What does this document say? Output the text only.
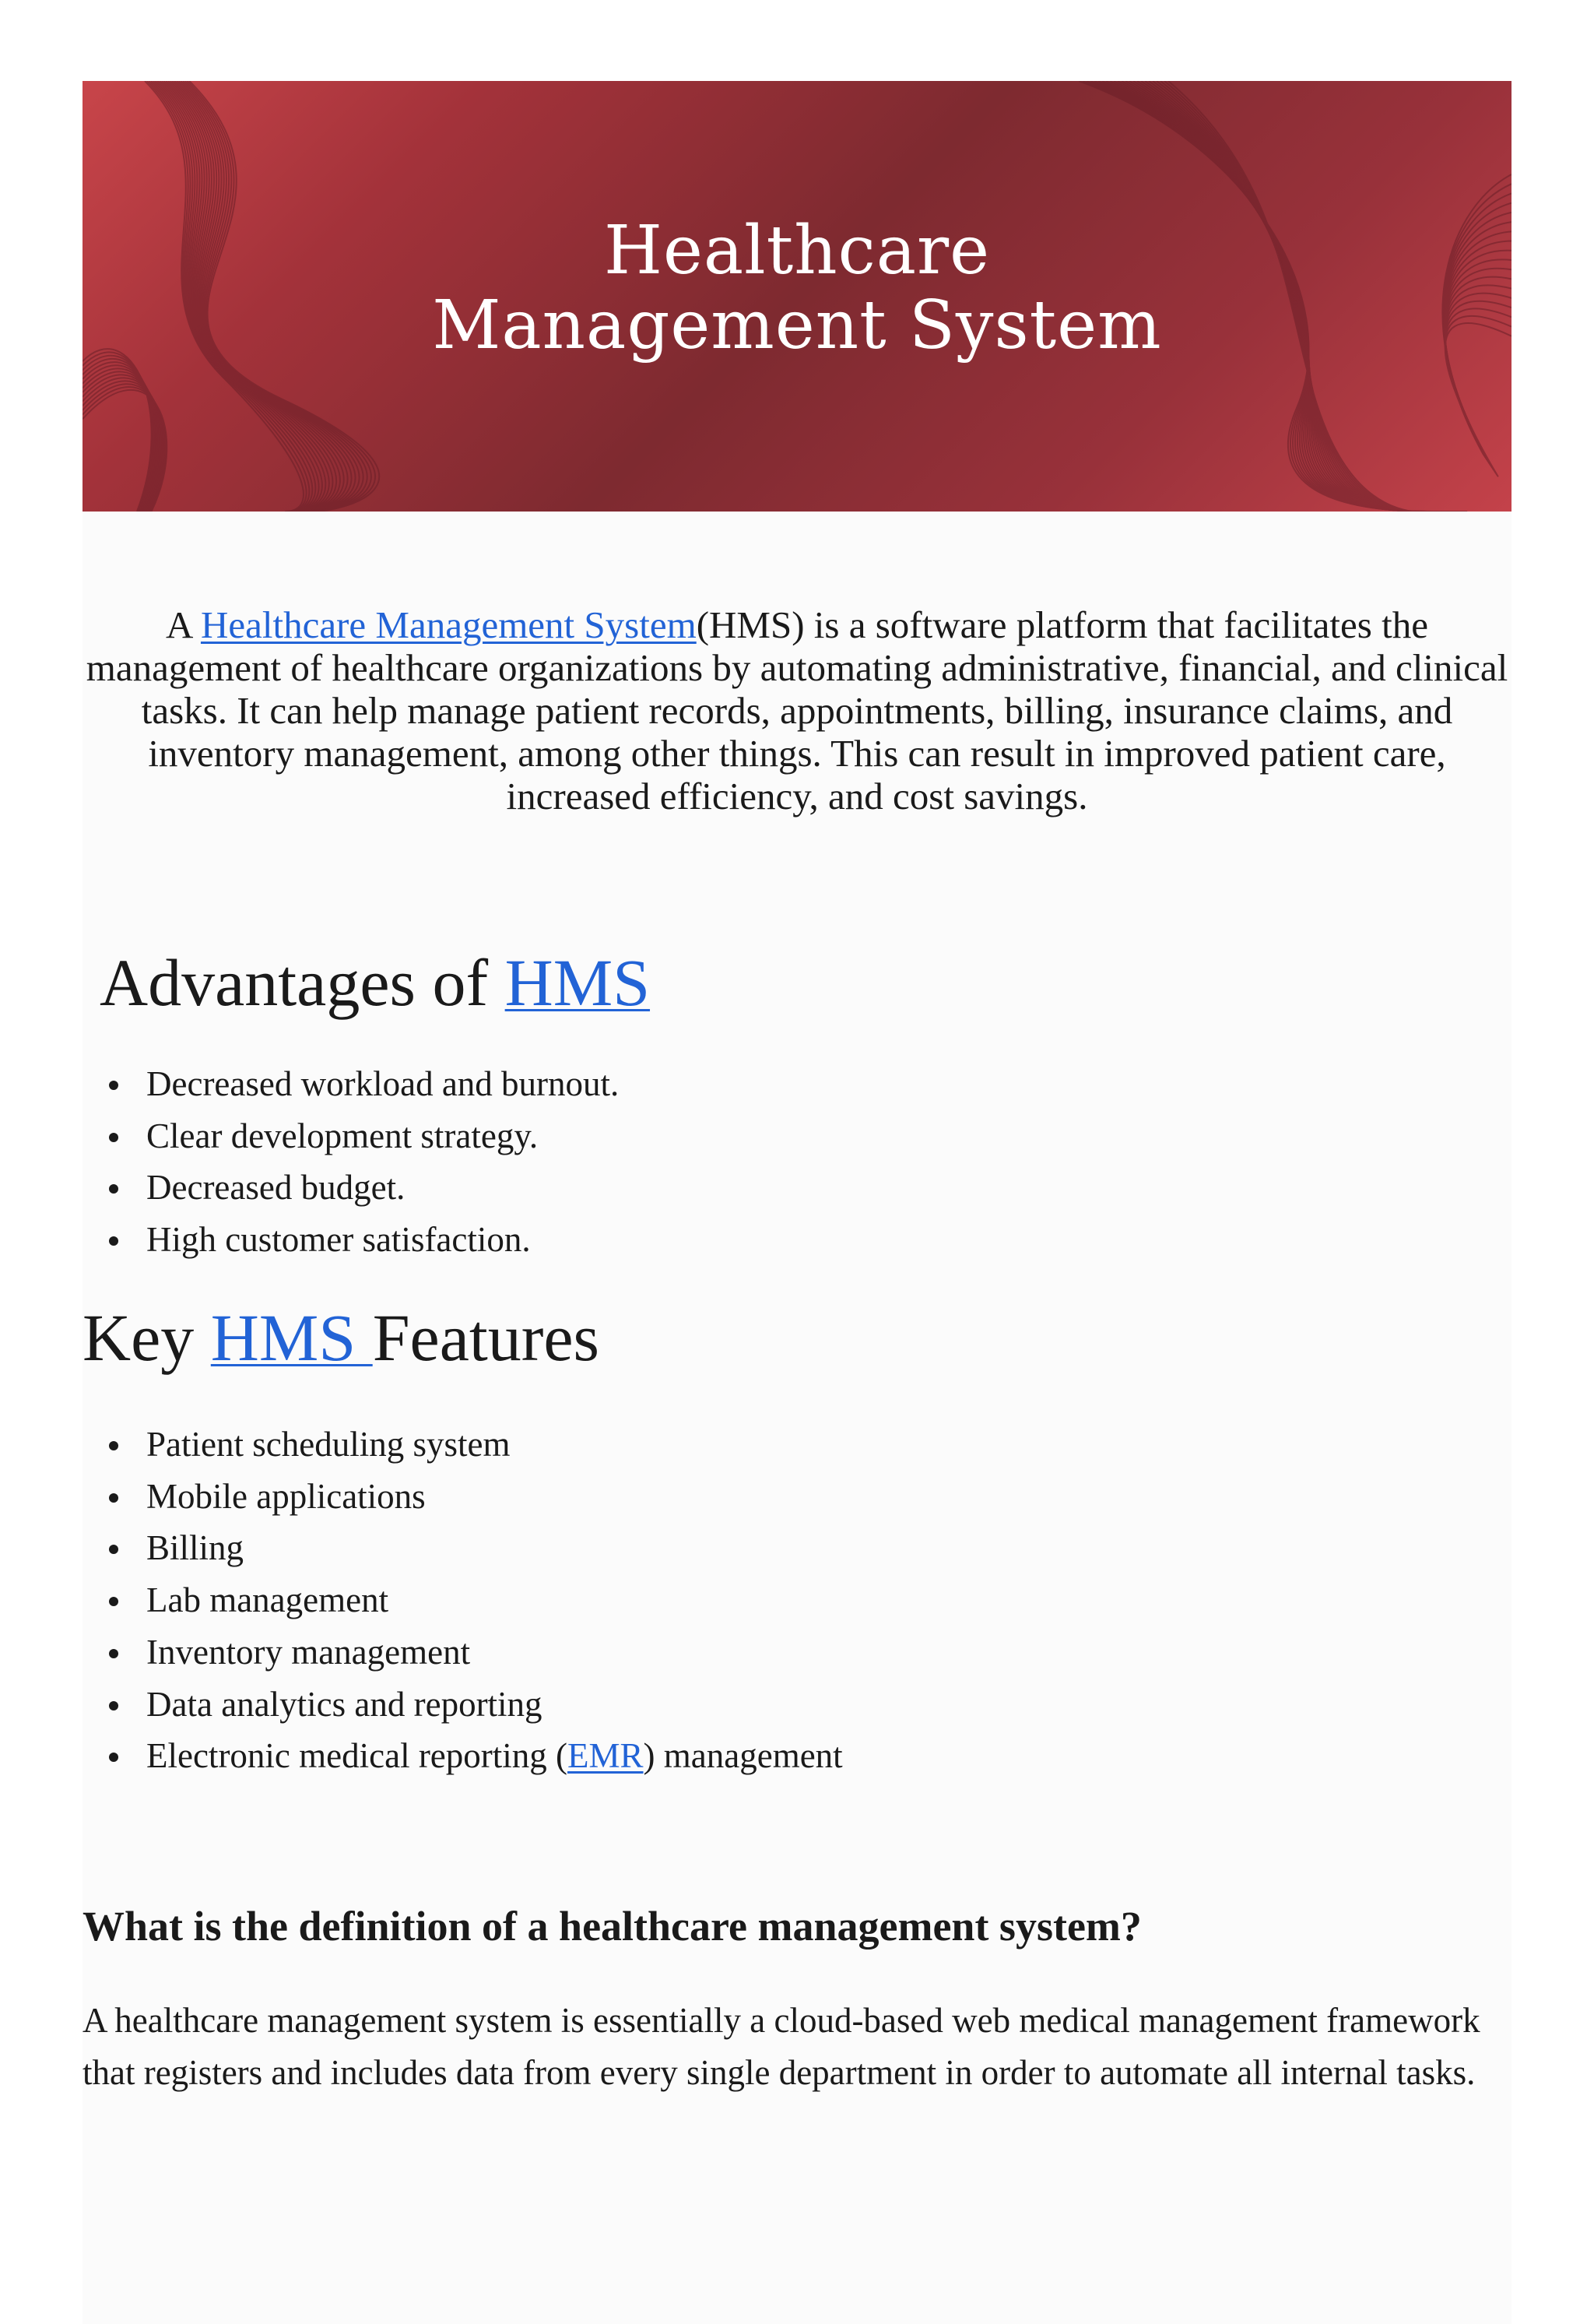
Healthcare
Management System

A Healthcare Management System(HMS) is a software platform that facilitates the management of healthcare organizations by automating administrative, financial, and clinical tasks. It can help manage patient records, appointments, billing, insurance claims, and inventory management, among other things. This can result in improved patient care, increased efficiency, and cost savings.

Advantages of HMS
Decreased workload and burnout.
Clear development strategy.
Decreased budget.
High customer satisfaction.
Key HMS Features
Patient scheduling system
Mobile applications
Billing
Lab management
Inventory management
Data analytics and reporting
Electronic medical reporting (EMR) management
What is the definition of a healthcare management system?

A healthcare management system is essentially a cloud-based web medical management framework that registers and includes data from every single department in order to automate all internal tasks.
